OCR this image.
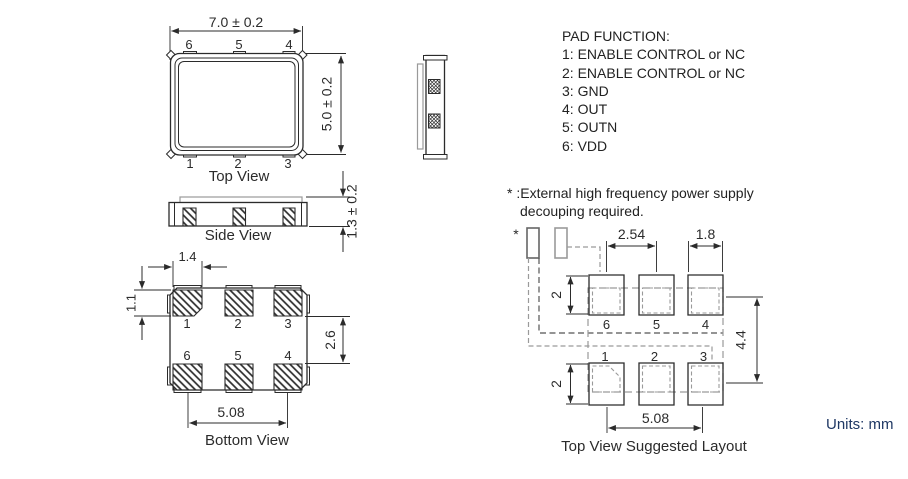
7.0 ± 0.2
6	5	4
1	2	3
Top View
5.0 ± 0.2
Side View	1.3 ± 0.2
1	2	3
6	5	4
1.4
1.1
2.6
5.08
Bottom View
*
6	5	4
1	2	3
2
2
2.54	1.8
4.4
5.08
Top View Suggested Layout
PAD FUNCTION:
1: ENABLE CONTROL or NC
2: ENABLE CONTROL or NC
3: GND
4: OUT
5: OUTN
6: VDD
* :External high frequency power supply
decouping required.
Units: mm
